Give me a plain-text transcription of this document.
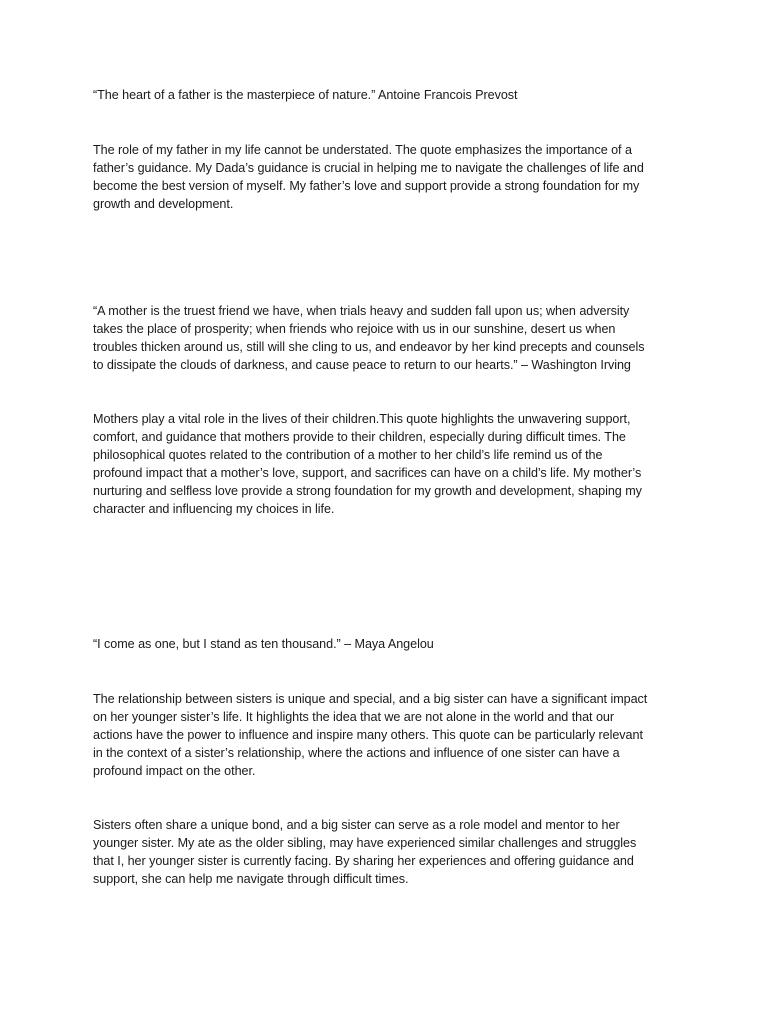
“The heart of a father is the masterpiece of nature.” Antoine Francois Prevost

The role of my father in my life cannot be understated. The quote emphasizes the importance of a
father’s guidance. My Dada’s guidance is crucial in helping me to navigate the challenges of life and
become the best version of myself. My father’s love and support provide a strong foundation for my
growth and development.

“A mother is the truest friend we have, when trials heavy and sudden fall upon us; when adversity
takes the place of prosperity; when friends who rejoice with us in our sunshine, desert us when
troubles thicken around us, still will she cling to us, and endeavor by her kind precepts and counsels
to dissipate the clouds of darkness, and cause peace to return to our hearts.” – Washington Irving

Mothers play a vital role in the lives of their children.This quote highlights the unwavering support,
comfort, and guidance that mothers provide to their children, especially during difficult times. The
philosophical quotes related to the contribution of a mother to her child’s life remind us of the
profound impact that a mother’s love, support, and sacrifices can have on a child’s life. My mother’s
nurturing and selfless love provide a strong foundation for my growth and development, shaping my
character and influencing my choices in life.

“I come as one, but I stand as ten thousand.” – Maya Angelou

The relationship between sisters is unique and special, and a big sister can have a significant impact
on her younger sister’s life. It highlights the idea that we are not alone in the world and that our
actions have the power to influence and inspire many others. This quote can be particularly relevant
in the context of a sister’s relationship, where the actions and influence of one sister can have a
profound impact on the other.

Sisters often share a unique bond, and a big sister can serve as a role model and mentor to her
younger sister. My ate as the older sibling, may have experienced similar challenges and struggles
that I, her younger sister is currently facing. By sharing her experiences and offering guidance and
support, she can help me navigate through difficult times.
